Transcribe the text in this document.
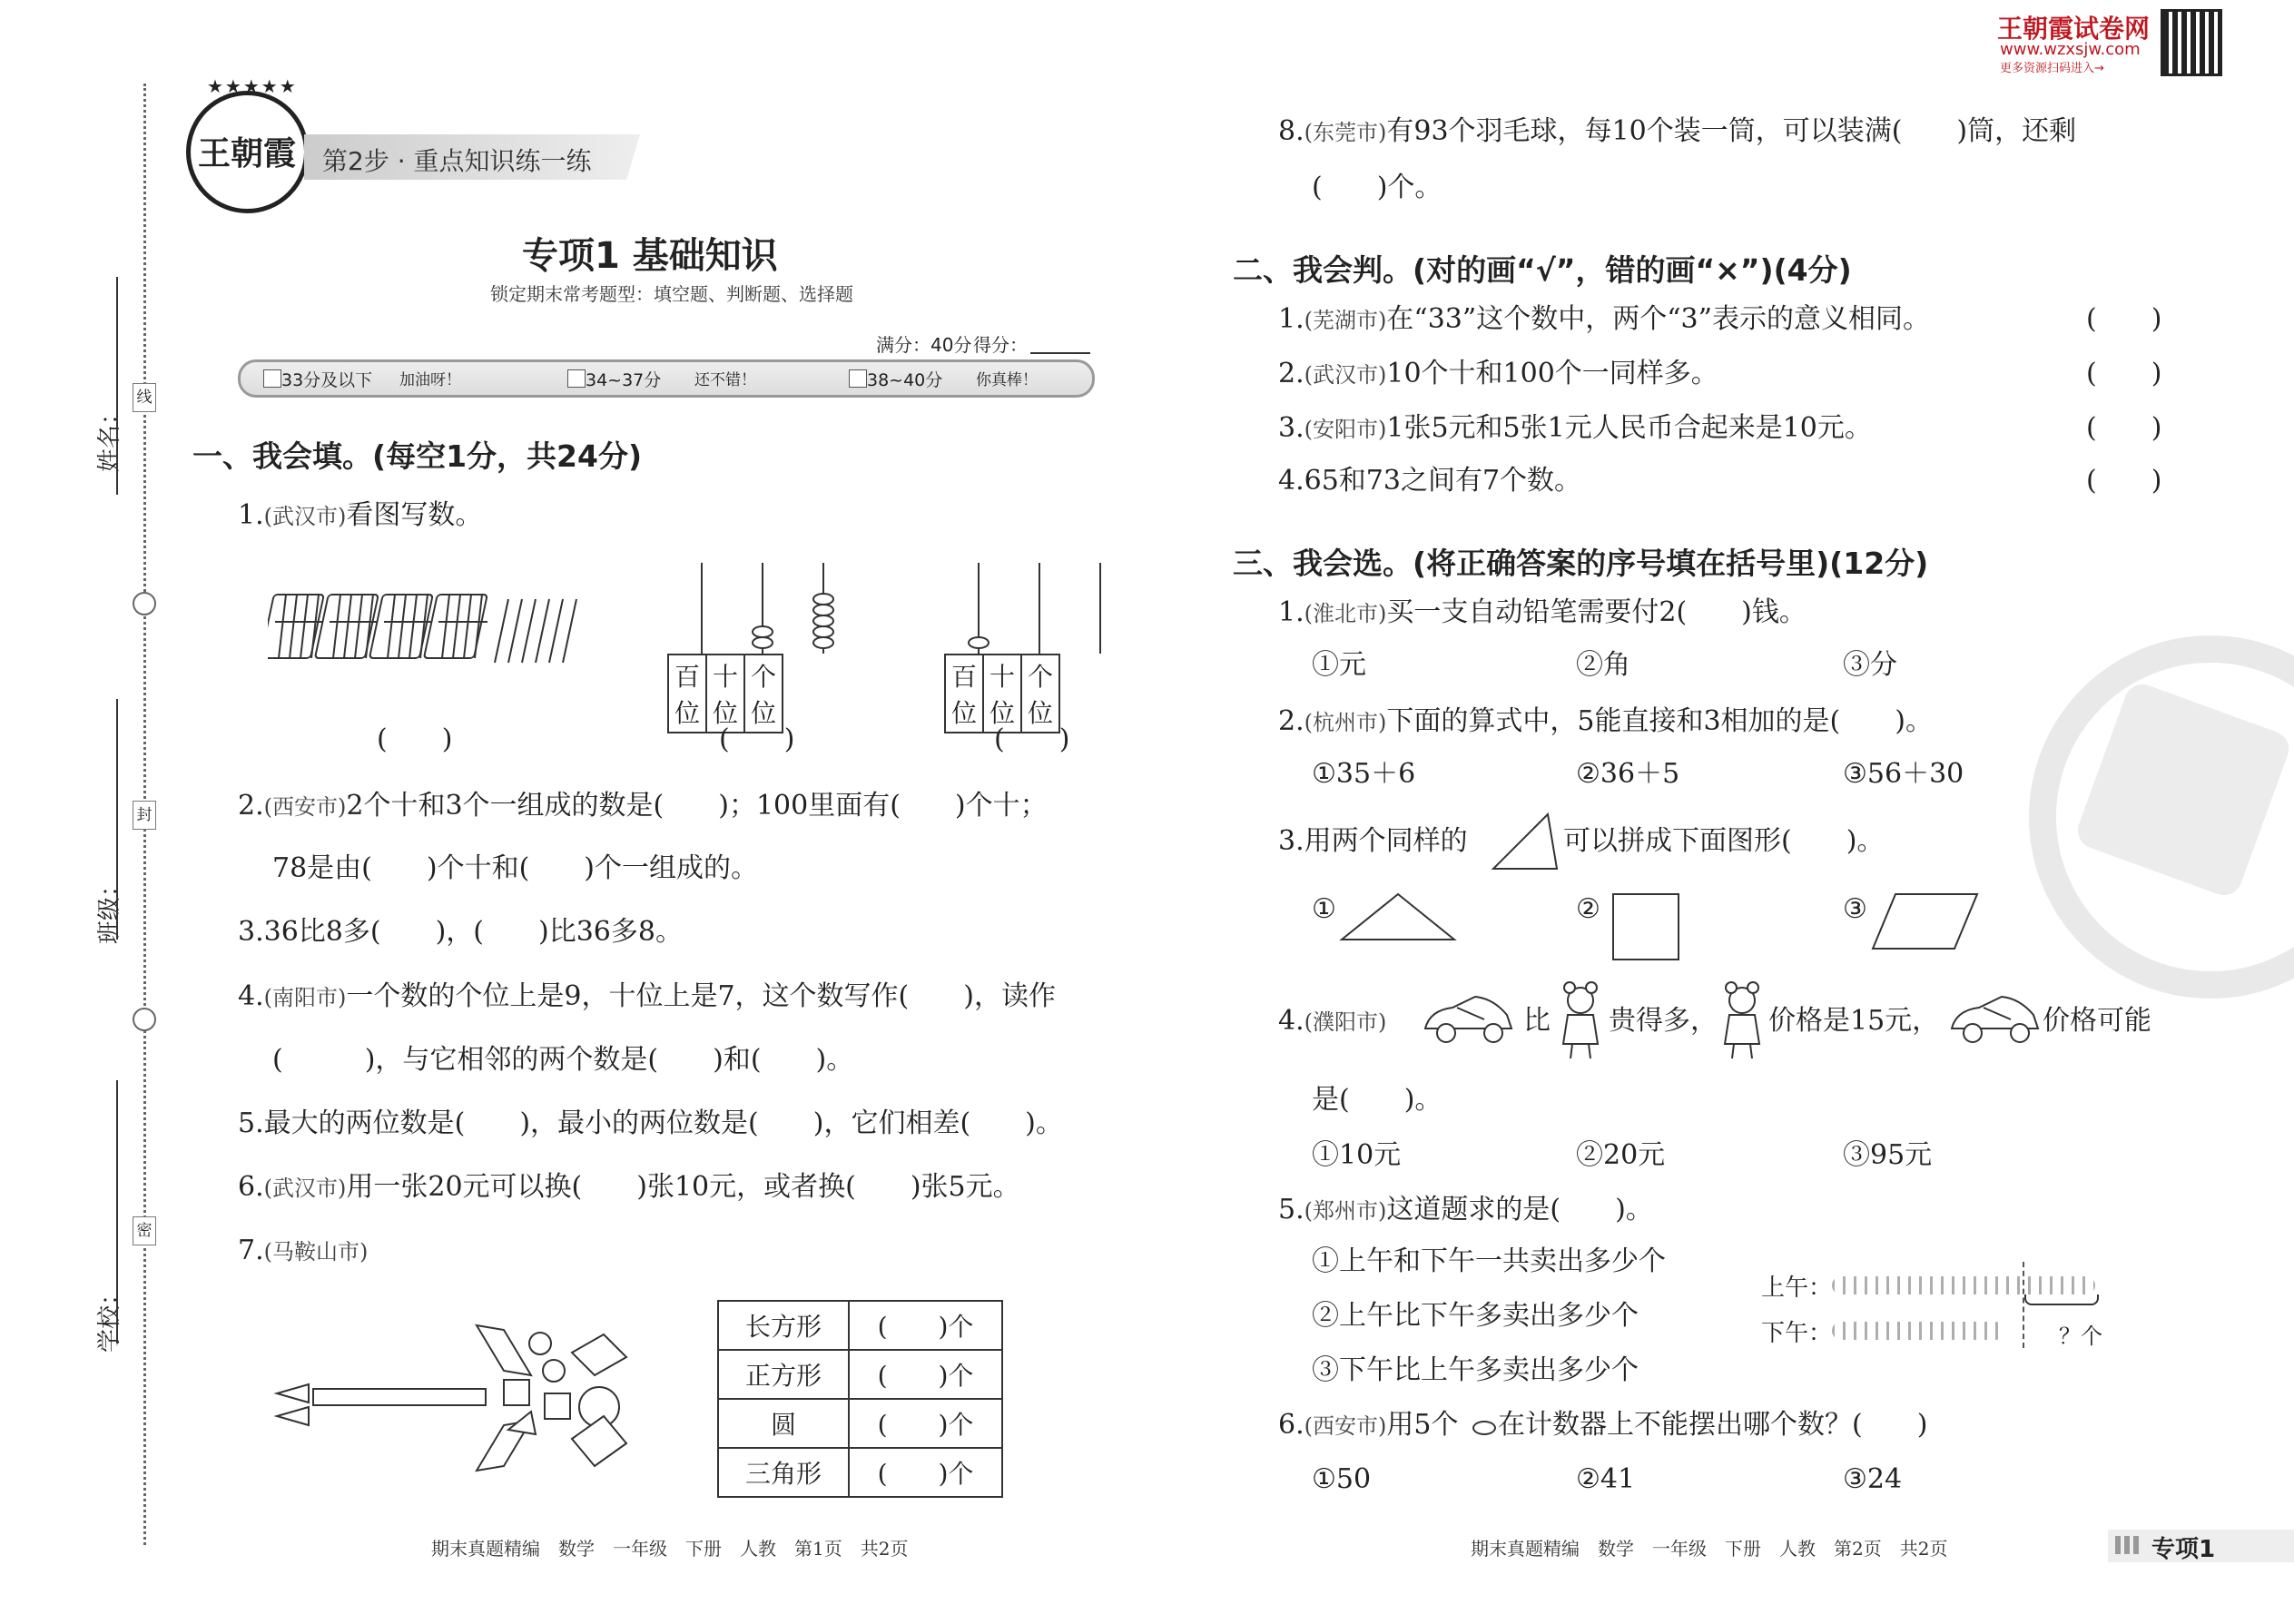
姓名：
班级：
学校：
线
封
密
★★★★★
王朝霞 第2步 · 重点知识练一练
专项1 基础知识
锁定期末常考题型：填空题、判断题、选择题
满分：40分 得分：
33分及以下 加油呀！	34~37分 还不错！	38~40分 你真棒！
一、我会填。(每空1分，共24分)
1.(武汉市)看图写数。
百位	十位	个位
百位	十位	个位
(　　)	(　　)	(　　)
2.(西安市)2个十和3个一组成的数是(　　)；100里面有(　　)个十；
78是由(　　)个十和(　　)个一组成的。
3.36比8多(　　)，(　　)比36多8。
4.(南阳市)一个数的个位上是9，十位上是7，这个数写作(　　)，读作
(　　　)，与它相邻的两个数是(　　)和(　　)。
5.最大的两位数是(　　)，最小的两位数是(　　)，它们相差(　　)。
6.(武汉市)用一张20元可以换(　　)张10元，或者换(　　)张5元。
7.(马鞍山市)
长方形	(　　)个
正方形	(　　)个
圆	(　　)个
三角形	(　　)个
期末真题精编　数学　一年级　下册　人教　第1页　共2页
王朝霞试卷网
www.wzxsjw.com
更多资源扫码进入→
8.(东莞市)有93个羽毛球，每10个装一筒，可以装满(　　)筒，还剩
(　　)个。
二、我会判。(对的画“√”，错的画“×”)(4分)
1.(芜湖市)在“33”这个数中，两个“3”表示的意义相同。	(　　)
2.(武汉市)10个十和100个一同样多。	(　　)
3.(安阳市)1张5元和5张1元人民币合起来是10元。	(　　)
4.65和73之间有7个数。	(　　)
三、我会选。(将正确答案的序号填在括号里)(12分)
1.(淮北市)买一支自动铅笔需要付2(　　)钱。
①元	②角	③分
2.(杭州市)下面的算式中，5能直接和3相加的是(　　)。
①35＋6	②36＋5	③56＋30
3.用两个同样的	可以拼成下面图形(　　)。
①	②	③
4.(濮阳市)	比 贵得多， 价格是15元，	价格可能
是(　　)。
①10元	②20元	③95元
5.(郑州市)这道题求的是(　　)。
①上午和下午一共卖出多少个
②上午比下午多卖出多少个
③下午比上午多卖出多少个
上午：
下午：	？个
6.(西安市)用5个 在计数器上不能摆出哪个数？(　　)
①50	②41	③24
期末真题精编　数学　一年级　下册　人教　第2页　共2页	专项1
